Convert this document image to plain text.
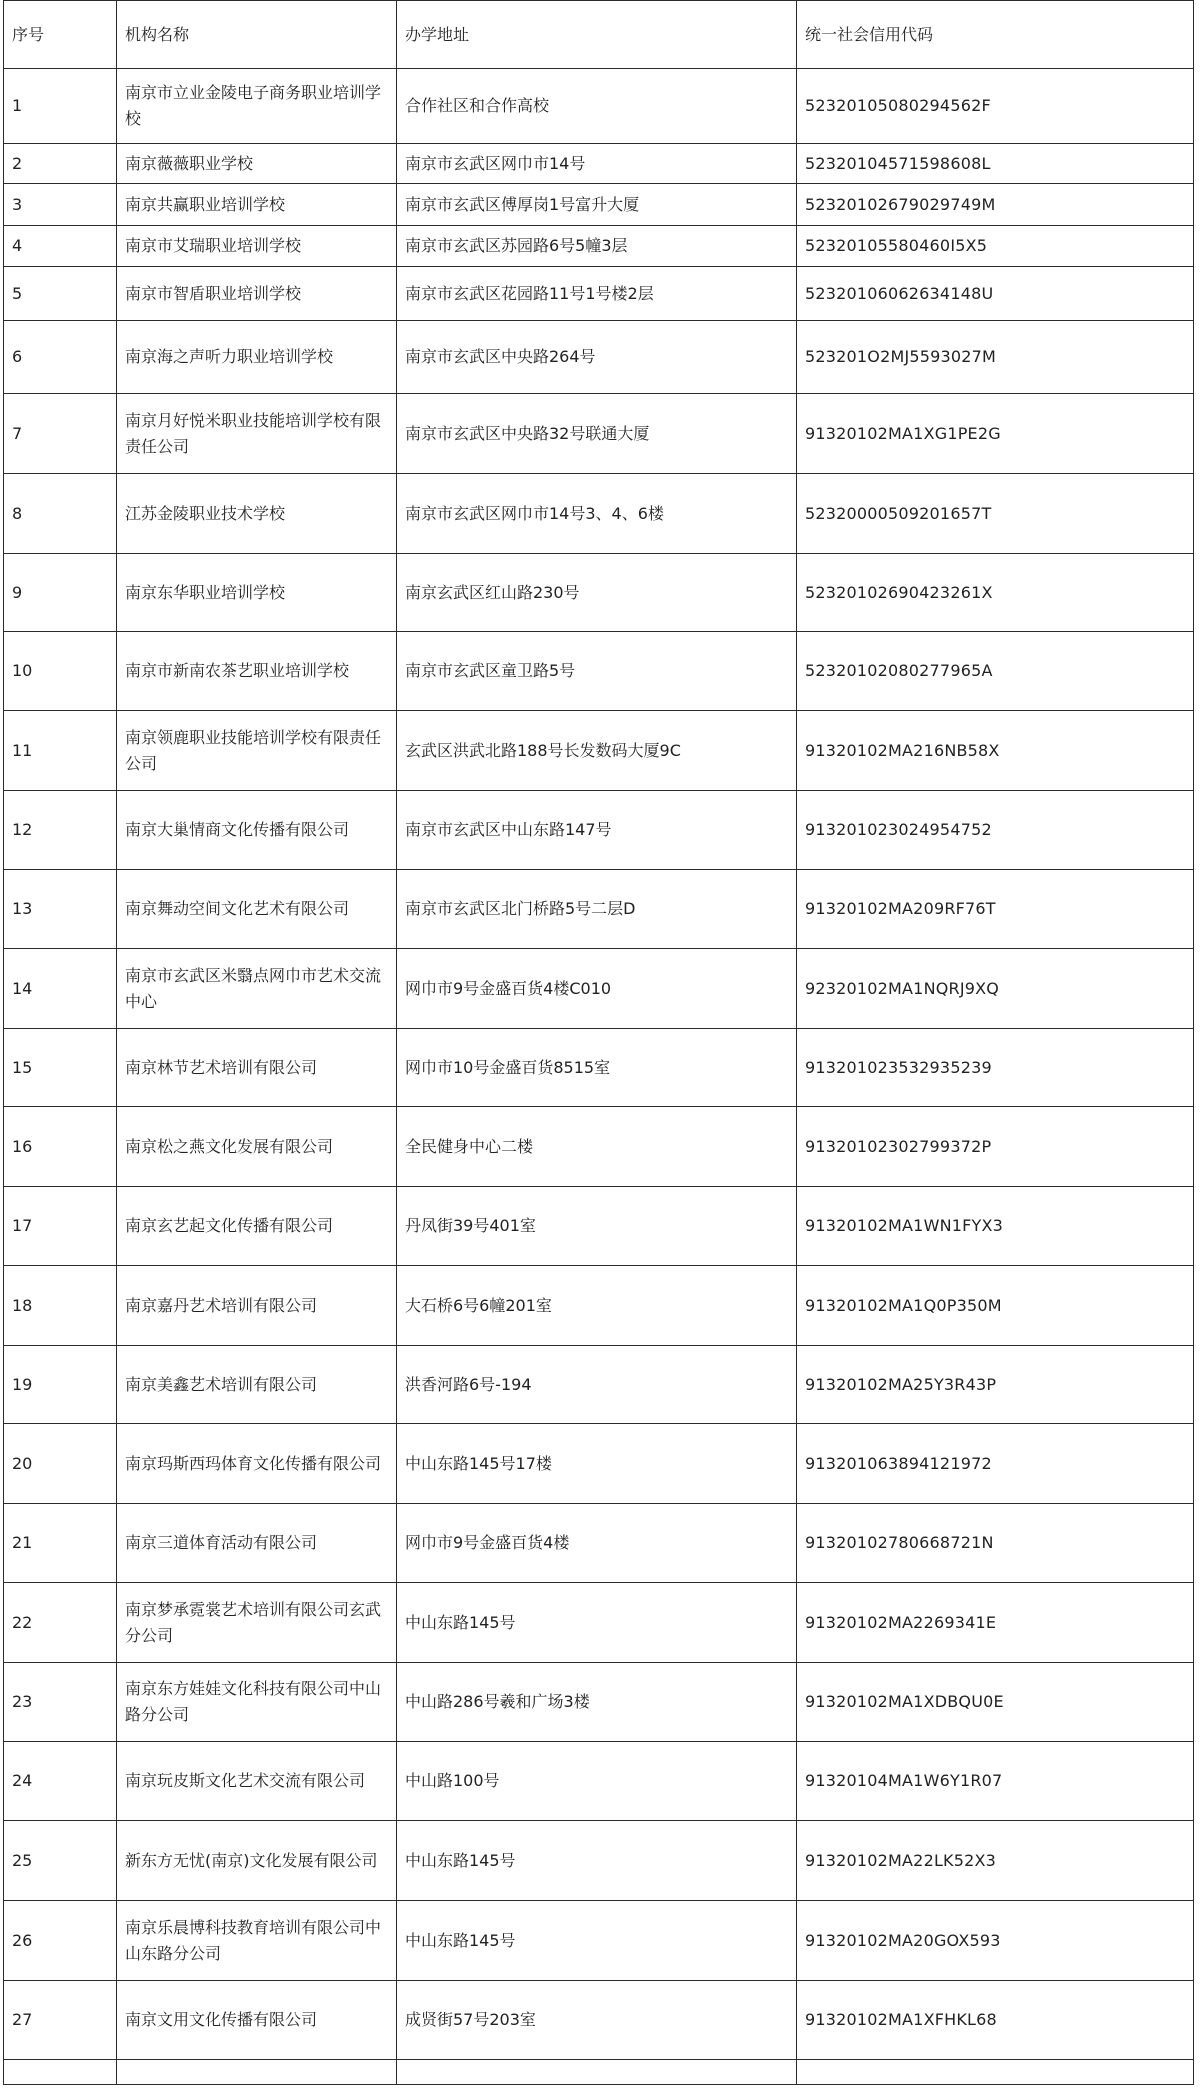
序号	机构名称	办学地址	统一社会信用代码
1	南京市立业金陵电子商务职业培训学校	合作社区和合作高校	52320105080294562F
2	南京薇薇职业学校	南京市玄武区网巾市14号	52320104571598608L
3	南京共赢职业培训学校	南京市玄武区傅厚岗1号富升大厦	52320102679029749M
4	南京市艾瑞职业培训学校	南京市玄武区苏园路6号5幢3层	52320105580460I5X5
5	南京市智盾职业培训学校	南京市玄武区花园路11号1号楼2层	52320106062634148U
6	南京海之声听力职业培训学校	南京市玄武区中央路264号	523201O2MJ5593027M
7	南京月好悦米职业技能培训学校有限责任公司	南京市玄武区中央路32号联通大厦	91320102MA1XG1PE2G
8	江苏金陵职业技术学校	南京市玄武区网巾市14号3、4、6楼	52320000509201657T
9	南京东华职业培训学校	南京玄武区红山路230号	52320102690423261X
10	南京市新南农茶艺职业培训学校	南京市玄武区童卫路5号	52320102080277965A
11	南京领鹿职业技能培训学校有限责任公司	玄武区洪武北路188号长发数码大厦9C	91320102MA216NB58X
12	南京大巢情商文化传播有限公司	南京市玄武区中山东路147号	913201023024954752
13	南京舞动空间文化艺术有限公司	南京市玄武区北门桥路5号二层D	91320102MA209RF76T
14	南京市玄武区米翳点网巾市艺术交流中心	网巾市9号金盛百货4楼C010	92320102MA1NQRJ9XQ
15	南京林节艺术培训有限公司	网巾市10号金盛百货8515室	913201023532935239
16	南京松之燕文化发展有限公司	全民健身中心二楼	91320102302799372P
17	南京玄艺起文化传播有限公司	丹凤街39号401室	91320102MA1WN1FYX3
18	南京嘉丹艺术培训有限公司	大石桥6号6幢201室	91320102MA1Q0P350M
19	南京美鑫艺术培训有限公司	洪香河路6号-194	91320102MA25Y3R43P
20	南京玛斯西玛体育文化传播有限公司	中山东路145号17楼	913201063894121972
21	南京三道体育活动有限公司	网巾市9号金盛百货4楼	91320102780668721N
22	南京梦承霓裳艺术培训有限公司玄武分公司	中山东路145号	91320102MA2269341E
23	南京东方娃娃文化科技有限公司中山路分公司	中山路286号羲和广场3楼	91320102MA1XDBQU0E
24	南京玩皮斯文化艺术交流有限公司	中山路100号	91320104MA1W6Y1R07
25	新东方无忧(南京)文化发展有限公司	中山东路145号	91320102MA22LK52X3
26	南京乐晨博科技教育培训有限公司中山东路分公司	中山东路145号	91320102MA20GOX593
27	南京文用文化传播有限公司	成贤街57号203室	91320102MA1XFHKL68
